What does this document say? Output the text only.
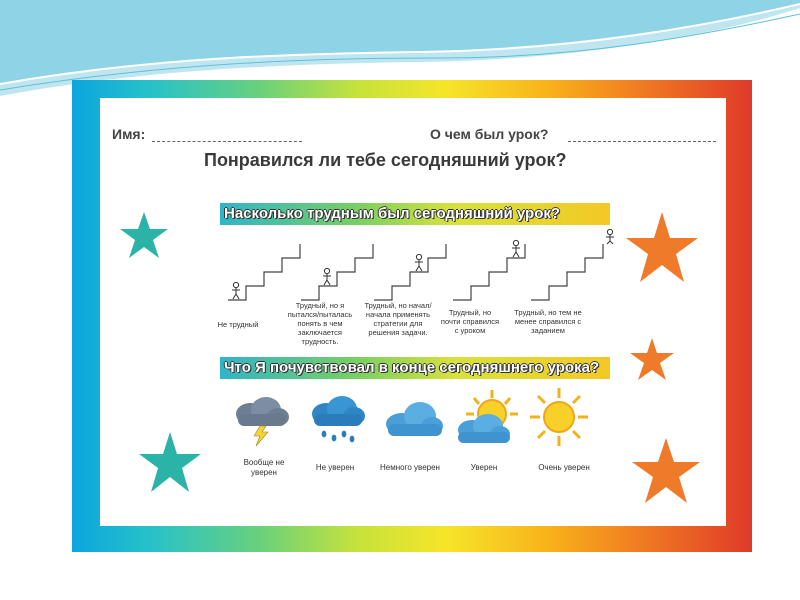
Имя:	О чем был урок?
Понравился ли тебе сегодняшний урок?
Насколько трудным был сегодняшний урок?
Не трудный
Трудный, но я пытался/пыталась понять в чем заключается трудность.
Трудный, но начал/начала применять стратегии для решения задачи.
Трудный, но почти справился с уроком
Трудный, но тем не менее справился с заданием
Что Я почувствовал в конце сегодняшнего урока?
Вообще не уверен
Не уверен	Немного уверен	Уверен	Очень уверен
